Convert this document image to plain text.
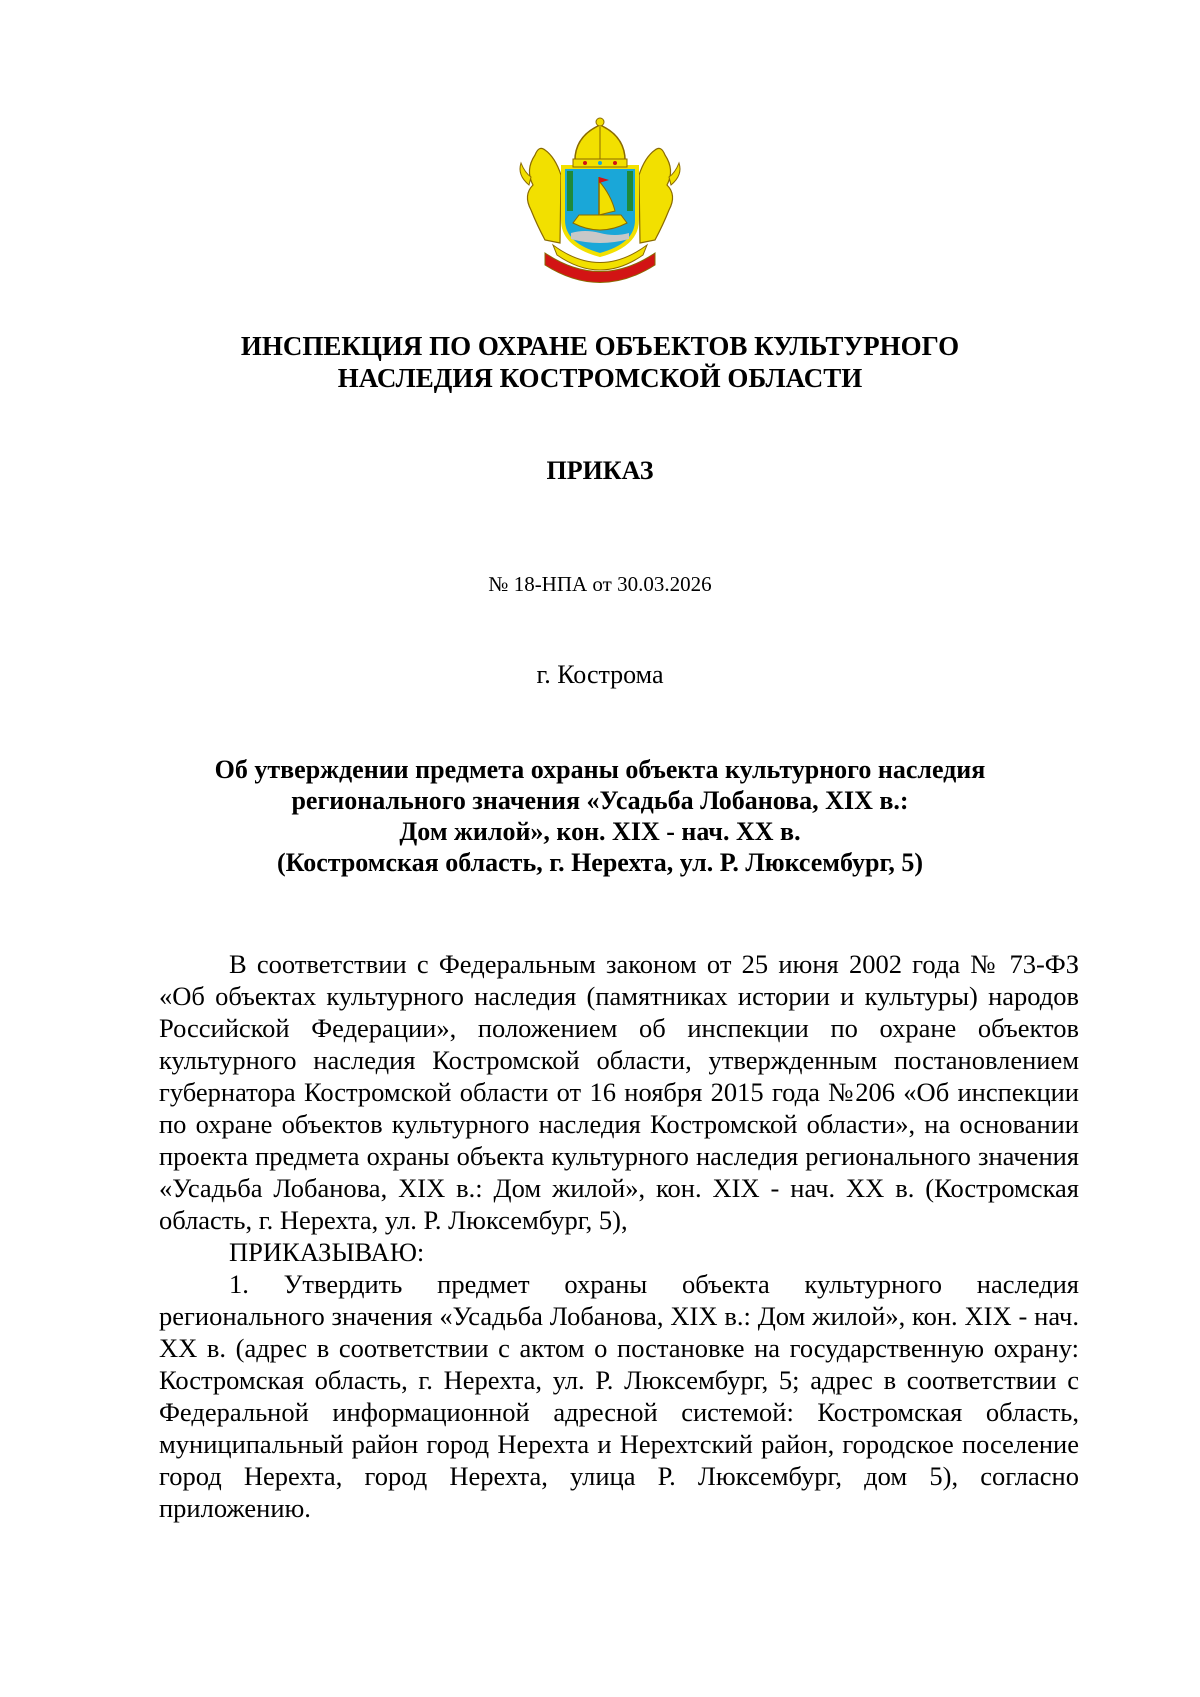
ИНСПЕКЦИЯ ПО ОХРАНЕ ОБЪЕКТОВ КУЛЬТУРНОГО
НАСЛЕДИЯ КОСТРОМСКОЙ ОБЛАСТИ
ПРИКАЗ
№ 18-НПА от 30.03.2026
г. Кострома
Об утверждении предмета охраны объекта культурного наследия
регионального значения «Усадьба Лобанова, XIX в.:
Дом жилой», кон. XIX - нач. XX в.
(Костромская область, г. Нерехта, ул. Р. Люксембург, 5)

В соответствии с Федеральным законом от 25 июня 2002 года № 73-ФЗ «Об объектах культурного наследия (памятниках истории и культуры) народов Российской Федерации», положением об инспекции по охране объектов культурного наследия Костромской области, утвержденным постановлением губернатора Костромской области от 16 ноября 2015 года №206 «Об инспекции по охране объектов культурного наследия Костромской области», на основании проекта предмета охраны объекта культурного наследия регионального значения «Усадьба Лобанова, XIX в.: Дом жилой», кон. XIX - нач. XX в. (Костромская область, г. Нерехта, ул. Р. Люксембург, 5),

ПРИКАЗЫВАЮ:

1. Утвердить предмет охраны объекта культурного наследия регионального значения «Усадьба Лобанова, XIX в.: Дом жилой», кон. XIX - нач. XX в. (адрес в соответствии с актом о постановке на государственную охрану: Костромская область, г. Нерехта, ул. Р. Люксембург, 5; адрес в соответствии с Федеральной информационной адресной системой: Костромская область, муниципальный район город Нерехта и Нерехтский район, городское поселение город Нерехта, город Нерехта, улица Р. Люксембург, дом 5), согласно приложению.
